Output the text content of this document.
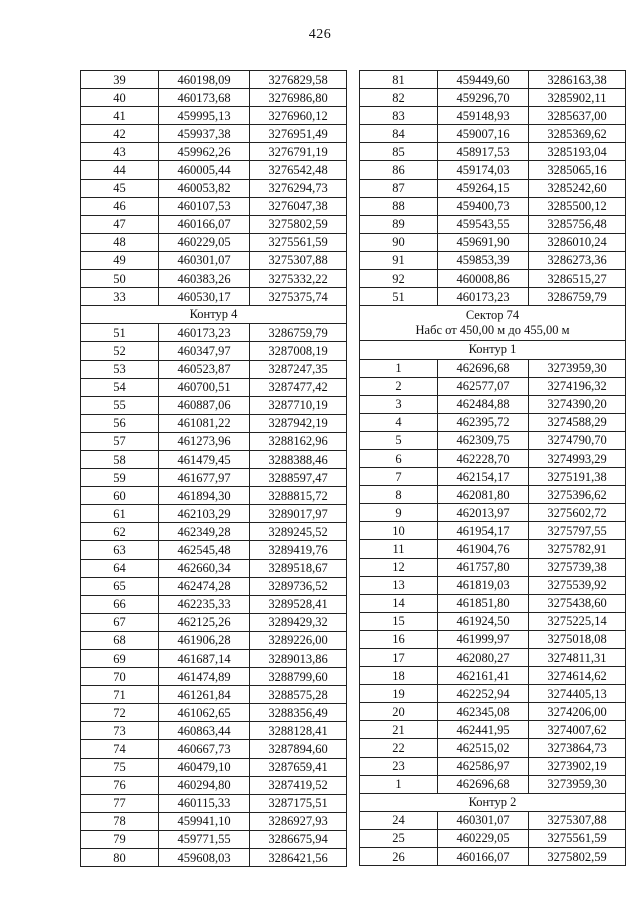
426
39	460198,09	3276829,58
40	460173,68	3276986,80
41	459995,13	3276960,12
42	459937,38	3276951,49
43	459962,26	3276791,19
44	460005,44	3276542,48
45	460053,82	3276294,73
46	460107,53	3276047,38
47	460166,07	3275802,59
48	460229,05	3275561,59
49	460301,07	3275307,88
50	460383,26	3275332,22
33	460530,17	3275375,74
Контур 4		
51	460173,23	3286759,79
52	460347,97	3287008,19
53	460523,87	3287247,35
54	460700,51	3287477,42
55	460887,06	3287710,19
56	461081,22	3287942,19
57	461273,96	3288162,96
58	461479,45	3288388,46
59	461677,97	3288597,47
60	461894,30	3288815,72
61	462103,29	3289017,97
62	462349,28	3289245,52
63	462545,48	3289419,76
64	462660,34	3289518,67
65	462474,28	3289736,52
66	462235,33	3289528,41
67	462125,26	3289429,32
68	461906,28	3289226,00
69	461687,14	3289013,86
70	461474,89	3288799,60
71	461261,84	3288575,28
72	461062,65	3288356,49
73	460863,44	3288128,41
74	460667,73	3287894,60
75	460479,10	3287659,41
76	460294,80	3287419,52
77	460115,33	3287175,51
78	459941,10	3286927,93
79	459771,55	3286675,94
80	459608,03	3286421,56
81	459449,60	3286163,38
82	459296,70	3285902,11
83	459148,93	3285637,00
84	459007,16	3285369,62
85	458917,53	3285193,04
86	459174,03	3285065,16
87	459264,15	3285242,60
88	459400,73	3285500,12
89	459543,55	3285756,48
90	459691,90	3286010,24
91	459853,39	3286273,36
92	460008,86	3286515,27
51	460173,23	3286759,79
Сектор 74
Набс от 450,00 м до 455,00 м		
Контур 1		
1	462696,68	3273959,30
2	462577,07	3274196,32
3	462484,88	3274390,20
4	462395,72	3274588,29
5	462309,75	3274790,70
6	462228,70	3274993,29
7	462154,17	3275191,38
8	462081,80	3275396,62
9	462013,97	3275602,72
10	461954,17	3275797,55
11	461904,76	3275782,91
12	461757,80	3275739,38
13	461819,03	3275539,92
14	461851,80	3275438,60
15	461924,50	3275225,14
16	461999,97	3275018,08
17	462080,27	3274811,31
18	462161,41	3274614,62
19	462252,94	3274405,13
20	462345,08	3274206,00
21	462441,95	3274007,62
22	462515,02	3273864,73
23	462586,97	3273902,19
1	462696,68	3273959,30
Контур 2		
24	460301,07	3275307,88
25	460229,05	3275561,59
26	460166,07	3275802,59
